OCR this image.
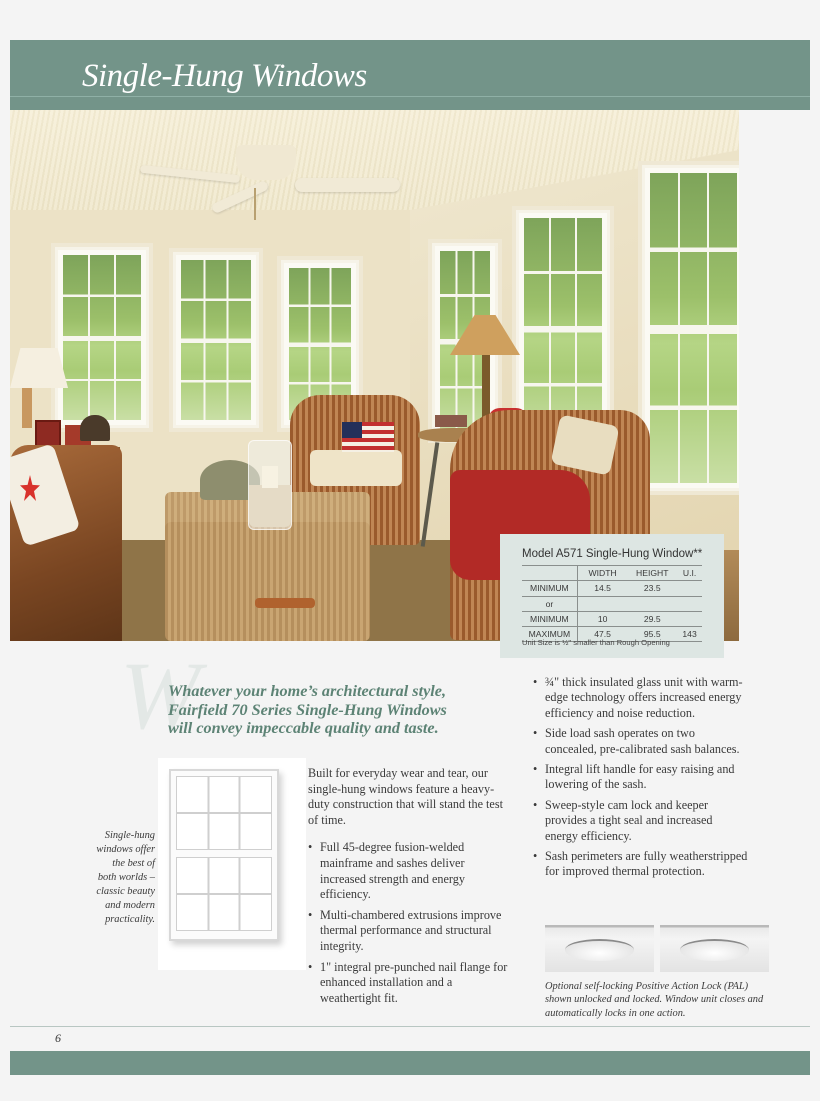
Single-Hung Windows
Model A571 Single-Hung Window**
	WIDTH	HEIGHT	U.I.
MINIMUM	14.5	23.5	
or			
MINIMUM	10	29.5	
MAXIMUM	47.5	95.5	143
Unit Size is ½" smaller than Rough Opening
W
Whatever your home’s architectural style,
Fairfield 70 Series Single-Hung Windows
will convey impeccable quality and taste.
Single-hung
windows offer
the best of
both worlds –
classic beauty
and modern
practicality.

Built for everyday wear and tear, our single-hung windows feature a heavy-duty construction that will stand the test of time.

• Full 45-degree fusion-welded mainframe and sashes deliver increased strength and energy efficiency.
• Multi-chambered extrusions improve thermal performance and structural integrity.
• 1" integral pre-punched nail flange for enhanced installation and a weathertight fit.
• ¾" thick insulated glass unit with warm-edge technology offers increased energy efficiency and noise reduction.
• Side load sash operates on two concealed, pre-calibrated sash balances.
• Integral lift handle for easy raising and lowering of the sash.
• Sweep-style cam lock and keeper provides a tight seal and increased energy efficiency.
• Sash perimeters are fully weatherstripped for improved thermal protection.
Optional self-locking Positive Action Lock (PAL) shown unlocked and locked. Window unit closes and automatically locks in one action.
6
